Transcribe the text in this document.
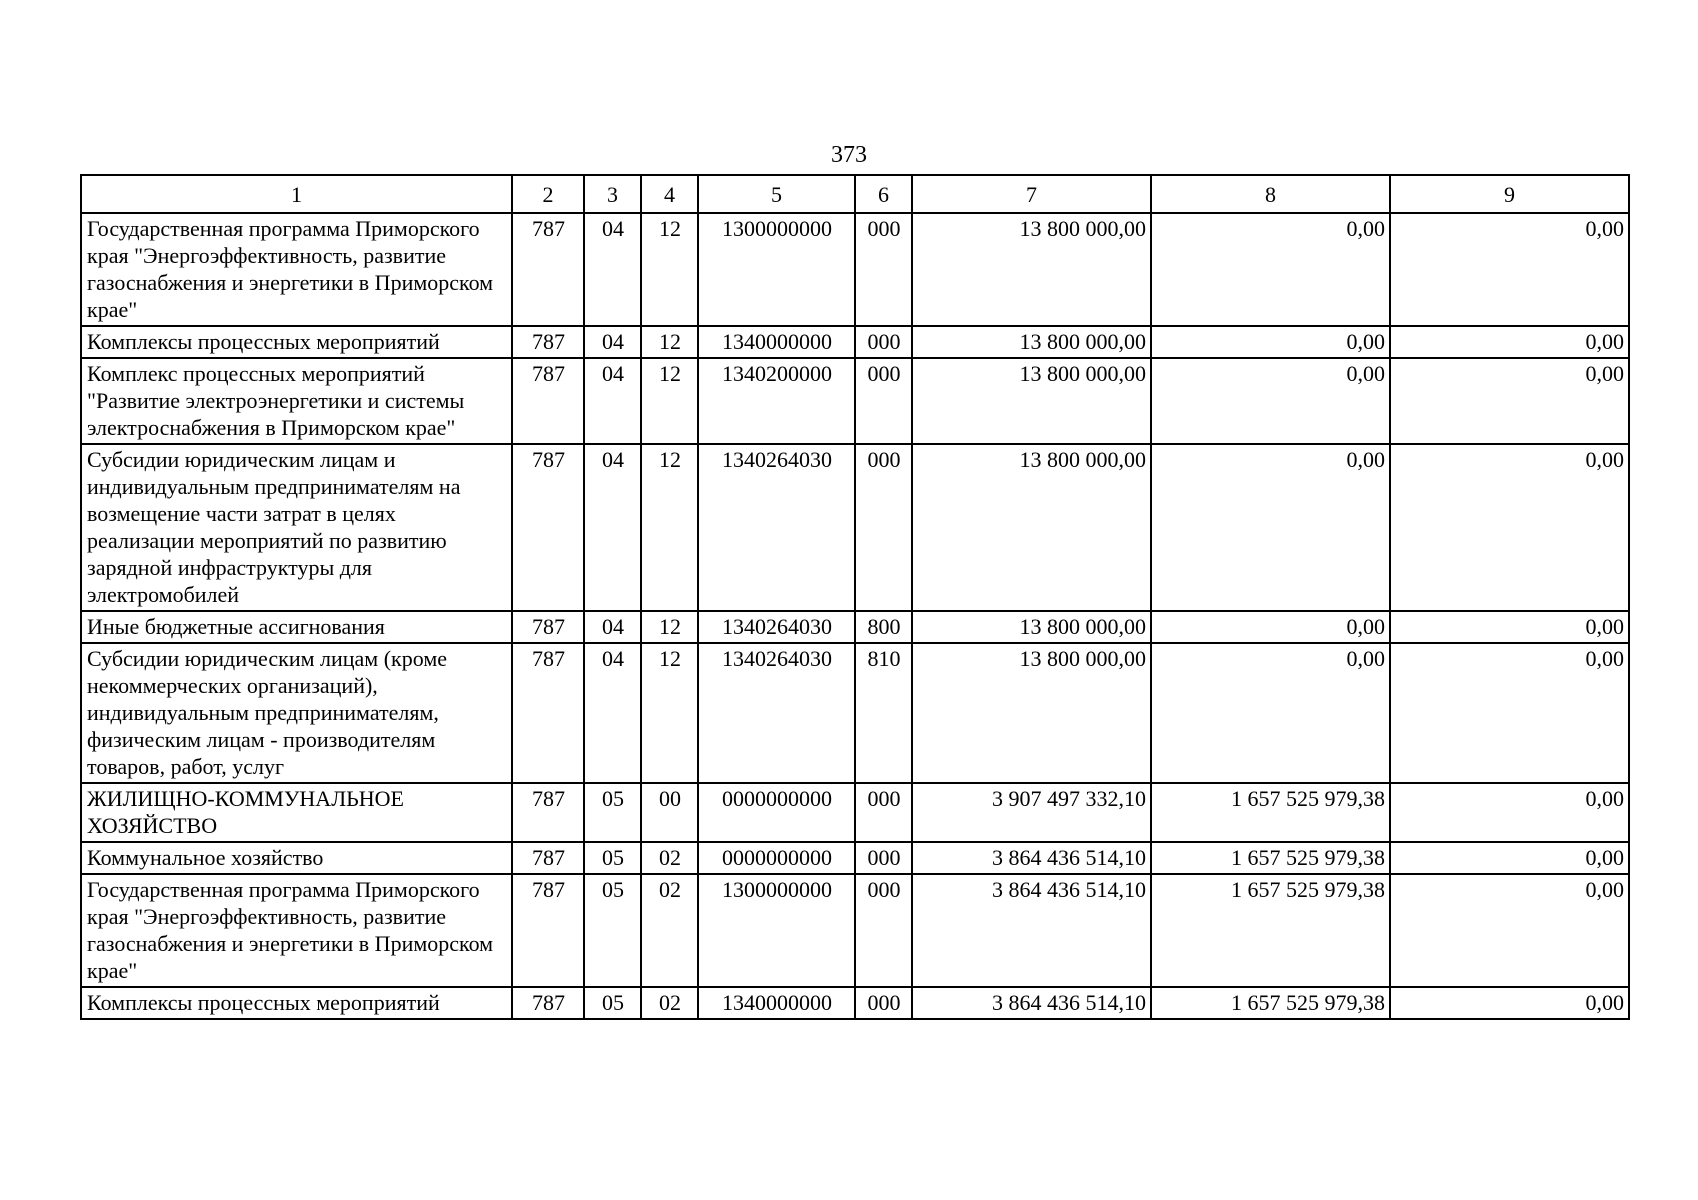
373
1	2	3	4	5	6	7	8	9
Государственная программа Приморского края "Энергоэффективность, развитие газоснабжения и энергетики в Приморском крае"	787	04	12	1300000000	000	13 800 000,00	0,00	0,00
Комплексы процессных мероприятий	787	04	12	1340000000	000	13 800 000,00	0,00	0,00
Комплекс процессных мероприятий "Развитие электроэнергетики и системы электроснабжения в Приморском крае"	787	04	12	1340200000	000	13 800 000,00	0,00	0,00
Субсидии юридическим лицам и индивидуальным предпринимателям на возмещение части затрат в целях реализации мероприятий по развитию зарядной инфраструктуры для электромобилей	787	04	12	1340264030	000	13 800 000,00	0,00	0,00
Иные бюджетные ассигнования	787	04	12	1340264030	800	13 800 000,00	0,00	0,00
Субсидии юридическим лицам (кроме некоммерческих организаций), индивидуальным предпринимателям, физическим лицам - производителям товаров, работ, услуг	787	04	12	1340264030	810	13 800 000,00	0,00	0,00
ЖИЛИЩНО-КОММУНАЛЬНОЕ ХОЗЯЙСТВО	787	05	00	0000000000	000	3 907 497 332,10	1 657 525 979,38	0,00
Коммунальное хозяйство	787	05	02	0000000000	000	3 864 436 514,10	1 657 525 979,38	0,00
Государственная программа Приморского края "Энергоэффективность, развитие газоснабжения и энергетики в Приморском крае"	787	05	02	1300000000	000	3 864 436 514,10	1 657 525 979,38	0,00
Комплексы процессных мероприятий	787	05	02	1340000000	000	3 864 436 514,10	1 657 525 979,38	0,00
